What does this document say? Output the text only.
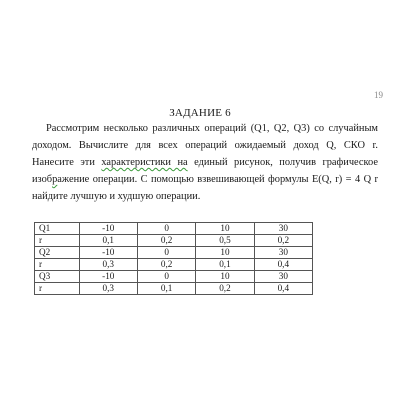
19
ЗАДАНИЕ 6
Рассмотрим несколько различных операций (Q1, Q2, Q3) со случайным
доходом. Вычислите для всех операций ожидаемый доход Q, СКО r.
Нанесите эти характеристики на единый рисунок, получив графическое
изображение операции. С помощью взвешивающей формулы E(Q, r) = 4 Q r
найдите лучшую и худшую операции.
Q1	-10	0	10	30
r	0,1	0,2	0,5	0,2
Q2	-10	0	10	30
r	0,3	0,2	0,1	0,4
Q3	-10	0	10	30
r	0,3	0,1	0,2	0,4
